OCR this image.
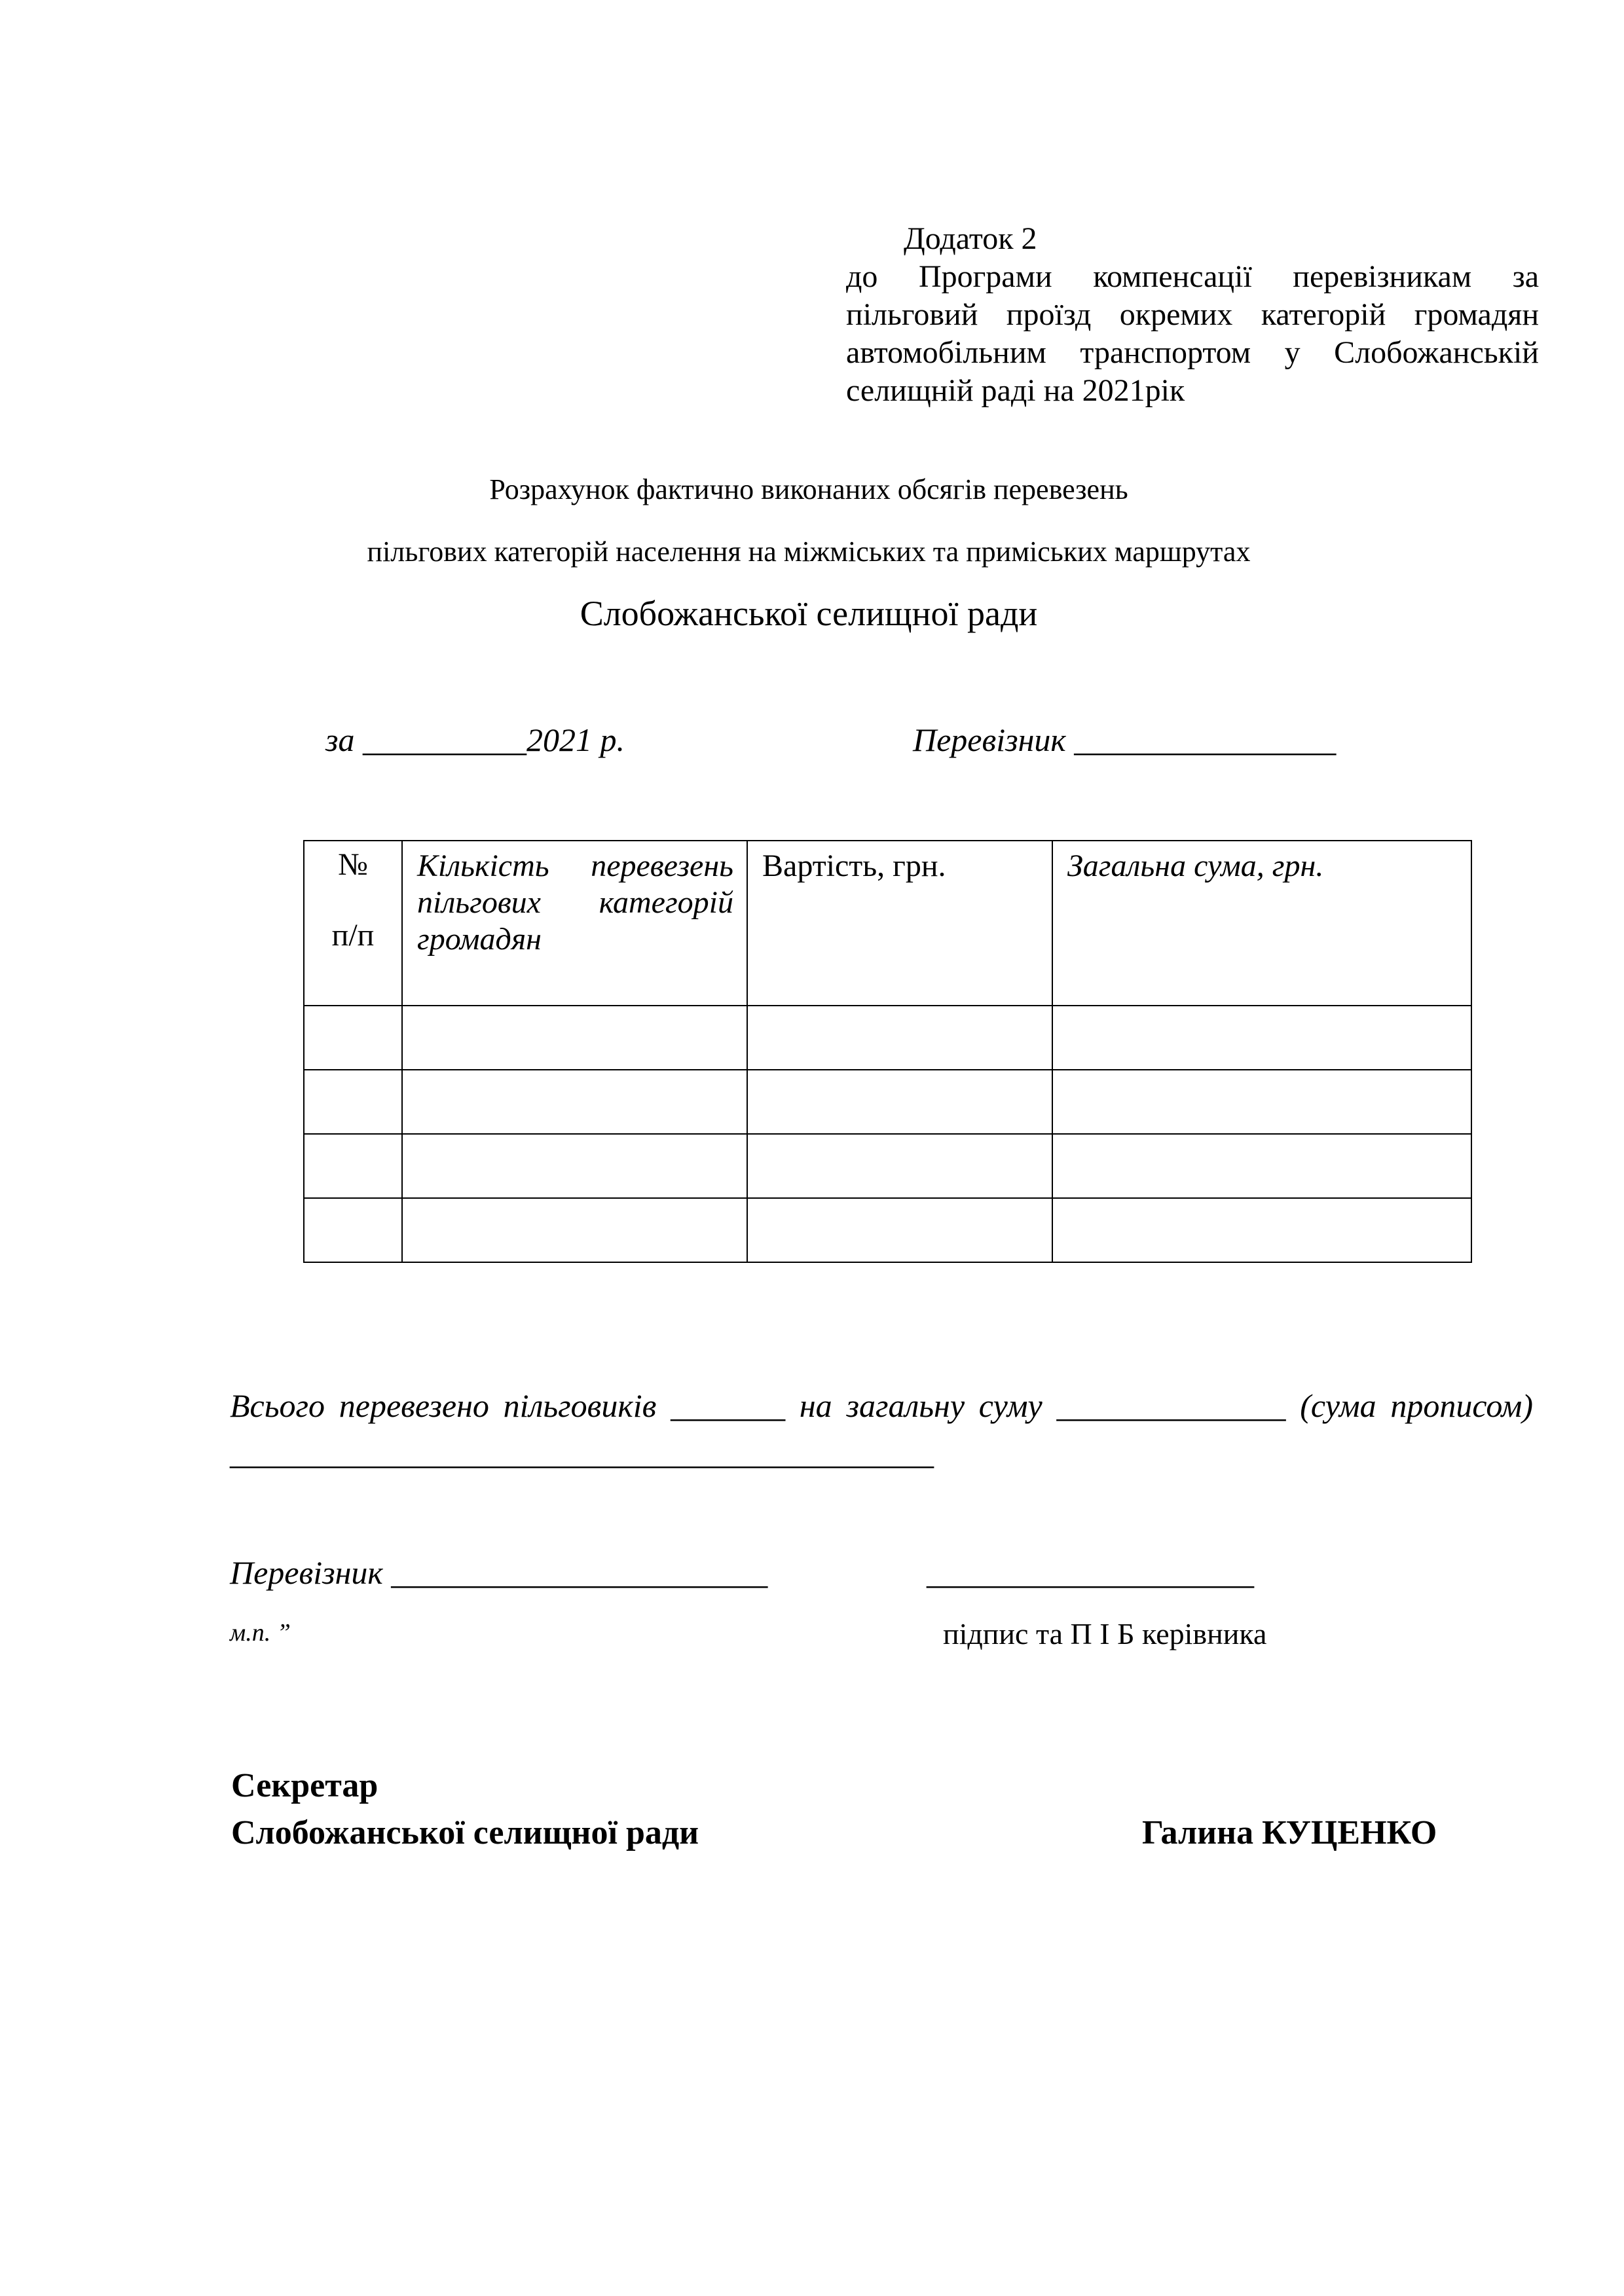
Додаток 2
до Програми компенсації перевізникам за пільговий проїзд окремих категорій громадян автомобільним транспортом у Слобожанській селищній раді на 2021рік
Розрахунок фактично виконаних обсягів перевезень
пільгових категорій населення на міжміських та приміських маршрутах
Слобожанської селищної ради
за __________2021 р.	Перевізник ________________
№
п/п	Кількість перевезень пільгових категорій громадян	Вартість, грн.	Загальна сума, грн.

Всього перевезено пільговиків _______ на загальну суму ______________ (сума прописом) ___________________________________________
Перевізник _______________________	____________________
м.п. ”	підпис та П І Б керівника
Секретар
Слобожанської селищної ради	Галина КУЦЕНКО
